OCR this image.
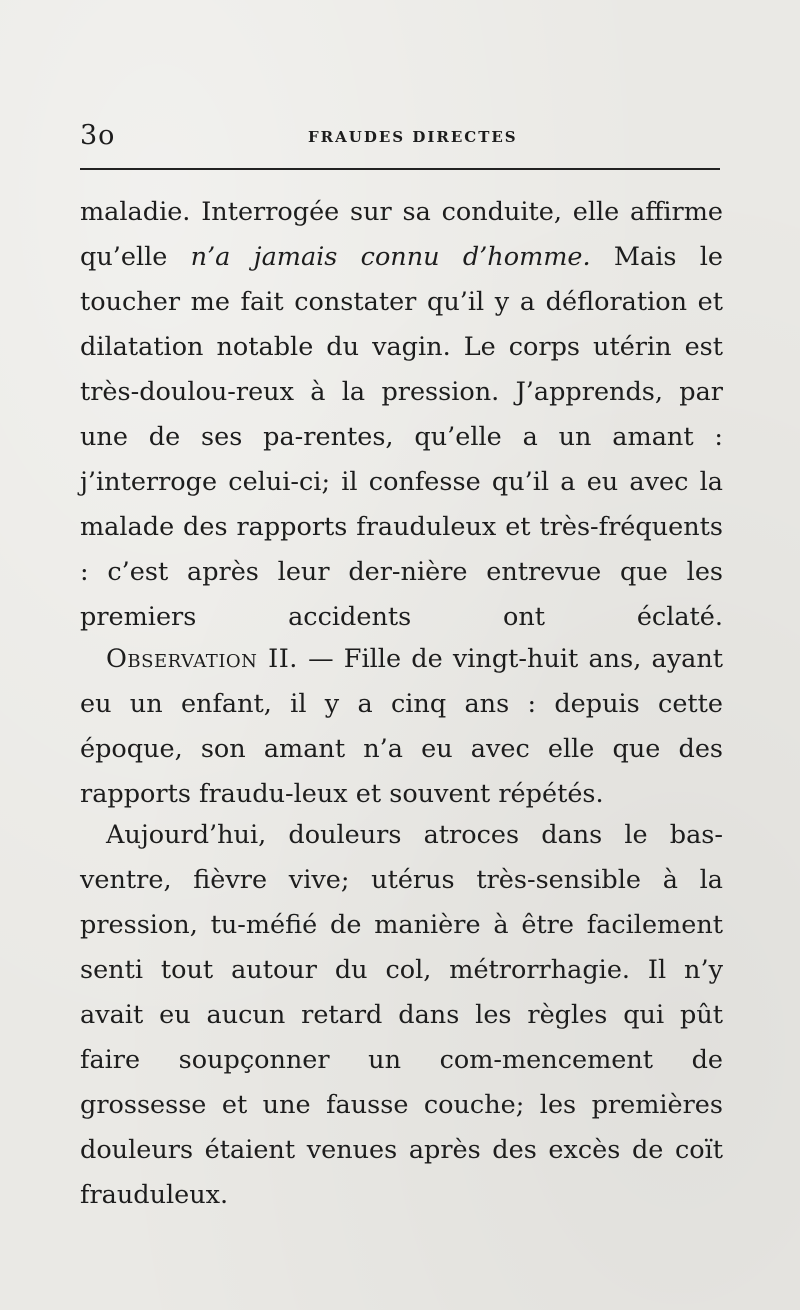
3o	FRAUDES DIRECTES

maladie. Interrogée sur sa conduite, elle affirme qu’elle n’a jamais connu d’homme. Mais le toucher me fait constater qu’il y a défloration et dilatation notable du vagin. Le corps utérin est très-doulou-reux à la pression. J’apprends, par une de ses pa-rentes, qu’elle a un amant : j’interroge celui-ci; il confesse qu’il a eu avec la malade des rapports frauduleux et très-fréquents : c’est après leur der-nière entrevue que les premiers accidents ont éclaté.

Observation II. — Fille de vingt-huit ans, ayant eu un enfant, il y a cinq ans : depuis cette époque, son amant n’a eu avec elle que des rapports fraudu-leux et souvent répétés.

Aujourd’hui, douleurs atroces dans le bas-ventre, fièvre vive; utérus très-sensible à la pression, tu-méfié de manière à être facilement senti tout autour du col, métrorrhagie. Il n’y avait eu aucun retard dans les règles qui pût faire soupçonner un com-mencement de grossesse et une fausse couche; les premières douleurs étaient venues après des excès de coït frauduleux.
